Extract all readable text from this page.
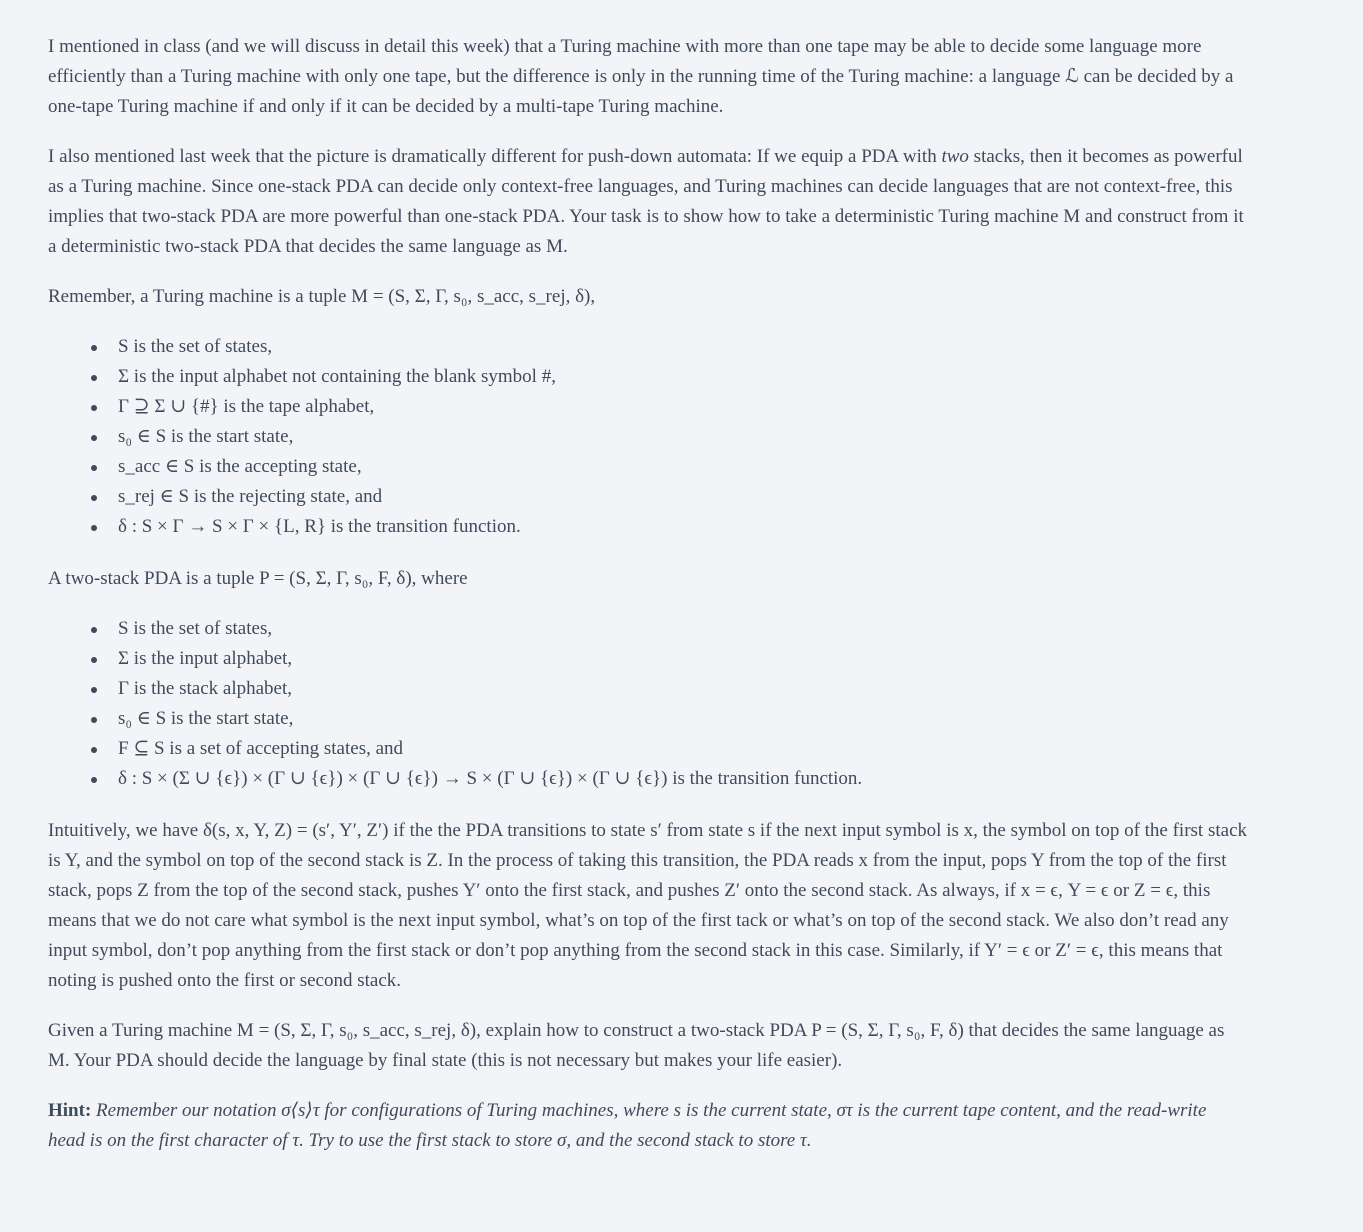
I mentioned in class (and we will discuss in detail this week) that a Turing machine with more than one tape may be able to decide some language more efficiently than a Turing machine with only one tape, but the difference is only in the running time of the Turing machine: a language ℒ can be decided by a one-tape Turing machine if and only if it can be decided by a multi-tape Turing machine.

I also mentioned last week that the picture is dramatically different for push-down automata: If we equip a PDA with two stacks, then it becomes as powerful as a Turing machine. Since one-stack PDA can decide only context-free languages, and Turing machines can decide languages that are not context-free, this implies that two-stack PDA are more powerful than one-stack PDA. Your task is to show how to take a deterministic Turing machine M and construct from it a deterministic two-stack PDA that decides the same language as M.

Remember, a Turing machine is a tuple M = (S, Σ, Γ, s₀, s_acc, s_rej, δ),

S is the set of states,
Σ is the input alphabet not containing the blank symbol #,
Γ ⊇ Σ ∪ {#} is the tape alphabet,
s₀ ∈ S is the start state,
s_acc ∈ S is the accepting state,
s_rej ∈ S is the rejecting state, and
δ : S × Γ → S × Γ × {L, R} is the transition function.

A two-stack PDA is a tuple P = (S, Σ, Γ, s₀, F, δ), where

S is the set of states,
Σ is the input alphabet,
Γ is the stack alphabet,
s₀ ∈ S is the start state,
F ⊆ S is a set of accepting states, and
δ : S × (Σ ∪ {ϵ}) × (Γ ∪ {ϵ}) × (Γ ∪ {ϵ}) → S × (Γ ∪ {ϵ}) × (Γ ∪ {ϵ}) is the transition function.

Intuitively, we have δ(s, x, Y, Z) = (s′, Y′, Z′) if the the PDA transitions to state s′ from state s if the next input symbol is x, the symbol on top of the first stack is Y, and the symbol on top of the second stack is Z. In the process of taking this transition, the PDA reads x from the input, pops Y from the top of the first stack, pops Z from the top of the second stack, pushes Y′ onto the first stack, and pushes Z′ onto the second stack. As always, if x = ϵ, Y = ϵ or Z = ϵ, this means that we do not care what symbol is the next input symbol, what’s on top of the first tack or what’s on top of the second stack. We also don’t read any input symbol, don’t pop anything from the first stack or don’t pop anything from the second stack in this case. Similarly, if Y′ = ϵ or Z′ = ϵ, this means that noting is pushed onto the first or second stack.

Given a Turing machine M = (S, Σ, Γ, s₀, s_acc, s_rej, δ), explain how to construct a two-stack PDA P = (S, Σ, Γ, s₀, F, δ) that decides the same language as M. Your PDA should decide the language by final state (this is not necessary but makes your life easier).

Hint: Remember our notation σ⟨s⟩τ for configurations of Turing machines, where s is the current state, στ is the current tape content, and the read-write head is on the first character of τ. Try to use the first stack to store σ, and the second stack to store τ.
